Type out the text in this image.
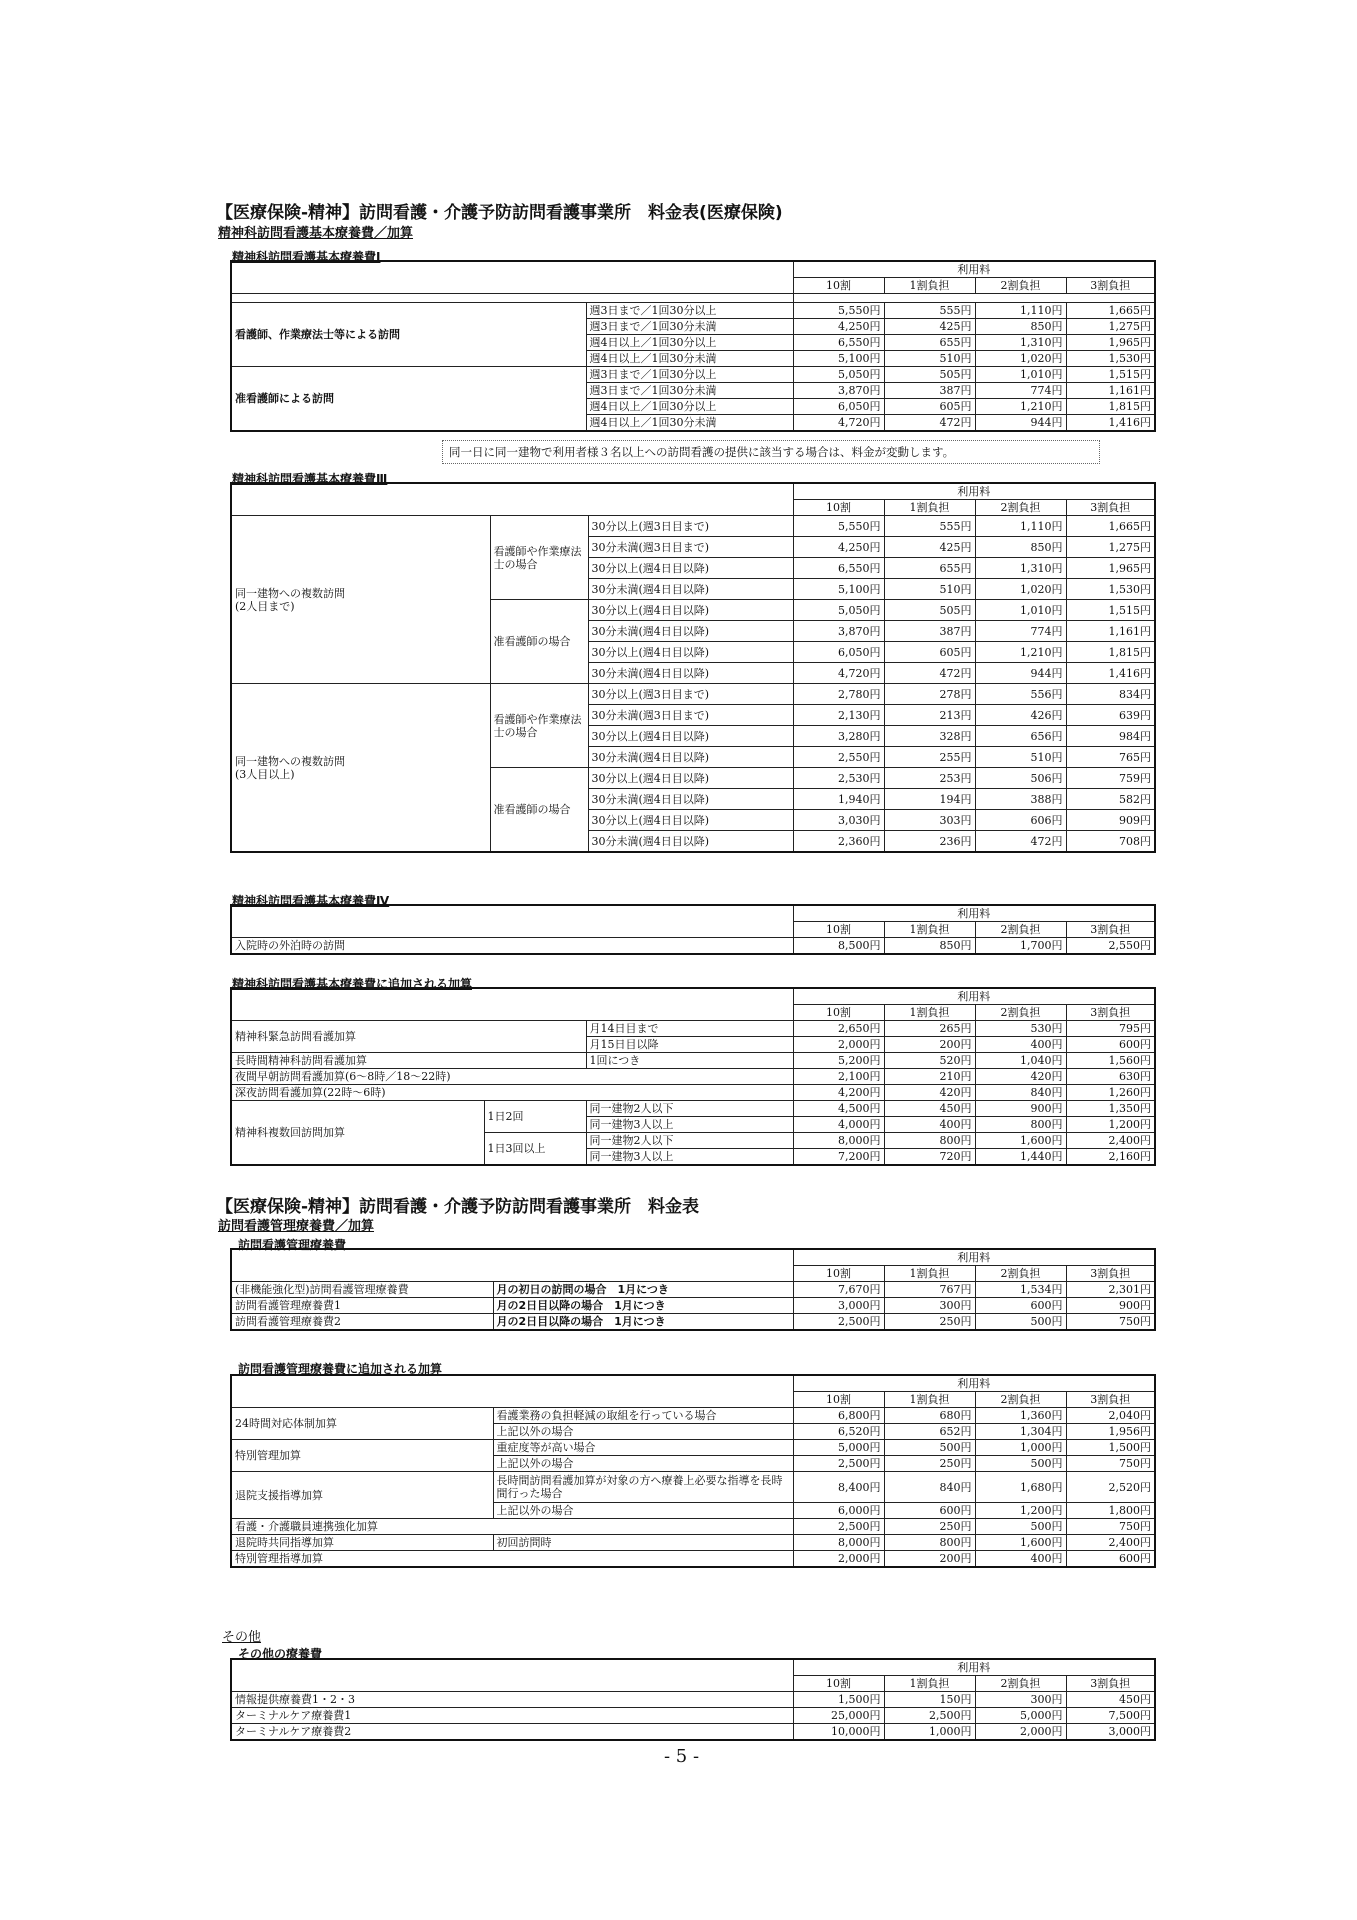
【医療保険-精神】訪問看護・介護予防訪問看護事業所　料金表(医療保険)
精神科訪問看護基本療養費／加算
精神科訪問看護基本療養費Ⅰ
		利用料			
		10割	1割負担	2割負担	3割負担

看護師、作業療法士等による訪問	週3日まで／1回30分以上	5,550円	555円	1,110円	1,665円
	週3日まで／1回30分未満	4,250円	425円	850円	1,275円
	週4日以上／1回30分以上	6,550円	655円	1,310円	1,965円
	週4日以上／1回30分未満	5,100円	510円	1,020円	1,530円
准看護師による訪問	週3日まで／1回30分以上	5,050円	505円	1,010円	1,515円
	週3日まで／1回30分未満	3,870円	387円	774円	1,161円
	週4日以上／1回30分以上	6,050円	605円	1,210円	1,815円
	週4日以上／1回30分未満	4,720円	472円	944円	1,416円
同一日に同一建物で利用者様３名以上への訪問看護の提供に該当する場合は、料金が変動します。
精神科訪問看護基本療養費Ⅲ
			利用料			
			10割	1割負担	2割負担	3割負担
同一建物への複数訪問
(2人目まで)	看護師や作業療法士の場合	30分以上(週3日目まで)	5,550円	555円	1,110円	1,665円
		30分未満(週3日目まで)	4,250円	425円	850円	1,275円
		30分以上(週4日目以降)	6,550円	655円	1,310円	1,965円
		30分未満(週4日目以降)	5,100円	510円	1,020円	1,530円
	准看護師の場合	30分以上(週4日目以降)	5,050円	505円	1,010円	1,515円
		30分未満(週4日目以降)	3,870円	387円	774円	1,161円
		30分以上(週4日目以降)	6,050円	605円	1,210円	1,815円
		30分未満(週4日目以降)	4,720円	472円	944円	1,416円
同一建物への複数訪問
(3人目以上)	看護師や作業療法士の場合	30分以上(週3日目まで)	2,780円	278円	556円	834円
		30分未満(週3日目まで)	2,130円	213円	426円	639円
		30分以上(週4日目以降)	3,280円	328円	656円	984円
		30分未満(週4日目以降)	2,550円	255円	510円	765円
	准看護師の場合	30分以上(週4日目以降)	2,530円	253円	506円	759円
		30分未満(週4日目以降)	1,940円	194円	388円	582円
		30分以上(週4日目以降)	3,030円	303円	606円	909円
		30分未満(週4日目以降)	2,360円	236円	472円	708円
精神科訪問看護基本療養費Ⅳ
	利用料			
	10割	1割負担	2割負担	3割負担
入院時の外泊時の訪問	8,500円	850円	1,700円	2,550円
精神科訪問看護基本療養費に追加される加算
			利用料			
			10割	1割負担	2割負担	3割負担
精神科緊急訪問看護加算		月14日目まで	2,650円	265円	530円	795円
		月15日目以降	2,000円	200円	400円	600円
長時間精神科訪問看護加算		1回につき	5,200円	520円	1,040円	1,560円
夜間早朝訪問看護加算(6～8時／18～22時)			2,100円	210円	420円	630円
深夜訪問看護加算(22時～6時)			4,200円	420円	840円	1,260円
精神科複数回訪問加算	1日2回	同一建物2人以下	4,500円	450円	900円	1,350円
		同一建物3人以上	4,000円	400円	800円	1,200円
	1日3回以上	同一建物2人以下	8,000円	800円	1,600円	2,400円
		同一建物3人以上	7,200円	720円	1,440円	2,160円
【医療保険-精神】訪問看護・介護予防訪問看護事業所　料金表
訪問看護管理療養費／加算
訪問看護管理療養費
		利用料			
		10割	1割負担	2割負担	3割負担
(非機能強化型)訪問看護管理療養費	月の初日の訪問の場合　1月につき	7,670円	767円	1,534円	2,301円
訪問看護管理療養費1	月の2日目以降の場合　1月につき	3,000円	300円	600円	900円
訪問看護管理療養費2	月の2日目以降の場合　1月につき	2,500円	250円	500円	750円
訪問看護管理療養費に追加される加算
		利用料			
		10割	1割負担	2割負担	3割負担
24時間対応体制加算	看護業務の負担軽減の取組を行っている場合	6,800円	680円	1,360円	2,040円
	上記以外の場合	6,520円	652円	1,304円	1,956円
特別管理加算	重症度等が高い場合	5,000円	500円	1,000円	1,500円
	上記以外の場合	2,500円	250円	500円	750円
退院支援指導加算	長時間訪問看護加算が対象の方へ療養上必要な指導を長時間行った場合	8,400円	840円	1,680円	2,520円
	上記以外の場合	6,000円	600円	1,200円	1,800円
看護・介護職員連携強化加算		2,500円	250円	500円	750円
退院時共同指導加算	初回訪問時	8,000円	800円	1,600円	2,400円
特別管理指導加算		2,000円	200円	400円	600円
その他
その他の療養費
	利用料			
	10割	1割負担	2割負担	3割負担
情報提供療養費1・2・3	1,500円	150円	300円	450円
ターミナルケア療養費1	25,000円	2,500円	5,000円	7,500円
ターミナルケア療養費2	10,000円	1,000円	2,000円	3,000円
- 5 -
